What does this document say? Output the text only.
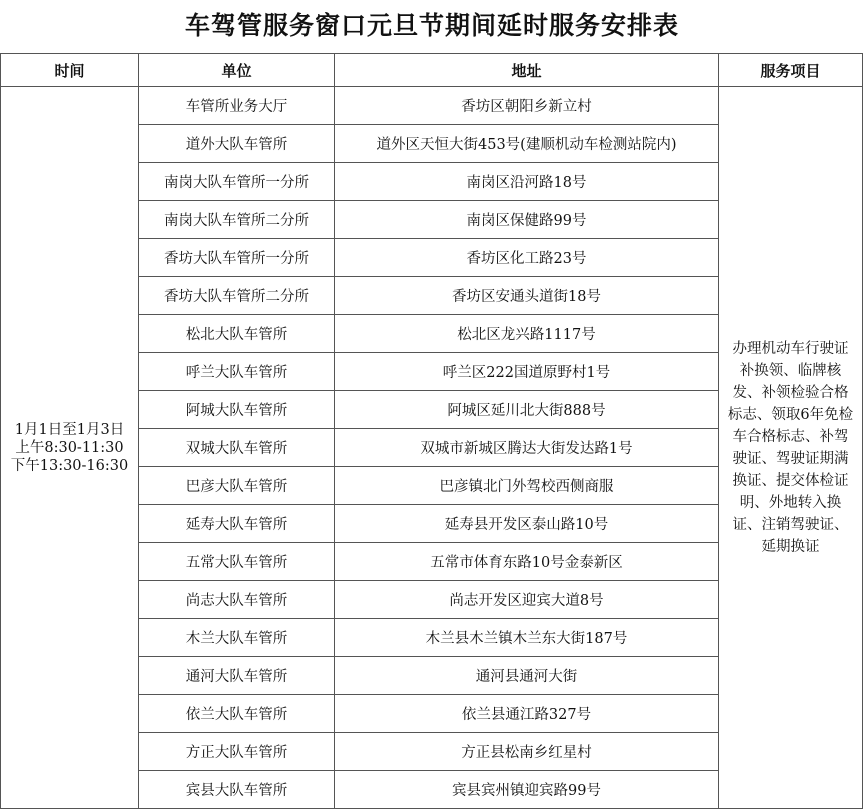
车驾管服务窗口元旦节期间延时服务安排表
时间	单位	地址	服务项目

1月1日至1月3日
上午8:30-11:30
下午13:30-16:30	车管所业务大厅	香坊区朝阳乡新立村	办理机动车行驶证补换领、临牌核发、补领检验合格标志、领取6年免检车合格标志、补驾驶证、驾驶证期满换证、提交体检证明、外地转入换证、注销驾驶证、延期换证
	道外大队车管所	道外区天恒大街453号(建顺机动车检测站院内)	
	南岗大队车管所一分所	南岗区沿河路18号	
	南岗大队车管所二分所	南岗区保健路99号	
	香坊大队车管所一分所	香坊区化工路23号	
	香坊大队车管所二分所	香坊区安通头道街18号	
	松北大队车管所	松北区龙兴路1117号	
	呼兰大队车管所	呼兰区222国道原野村1号	
	阿城大队车管所	阿城区延川北大街888号	
	双城大队车管所	双城市新城区腾达大街发达路1号	
	巴彦大队车管所	巴彦镇北门外驾校西侧商服	
	延寿大队车管所	延寿县开发区泰山路10号	
	五常大队车管所	五常市体育东路10号金泰新区	
	尚志大队车管所	尚志开发区迎宾大道8号	
	木兰大队车管所	木兰县木兰镇木兰东大街187号	
	通河大队车管所	通河县通河大街	
	依兰大队车管所	依兰县通江路327号	
	方正大队车管所	方正县松南乡红星村	
	宾县大队车管所	宾县宾州镇迎宾路99号	
